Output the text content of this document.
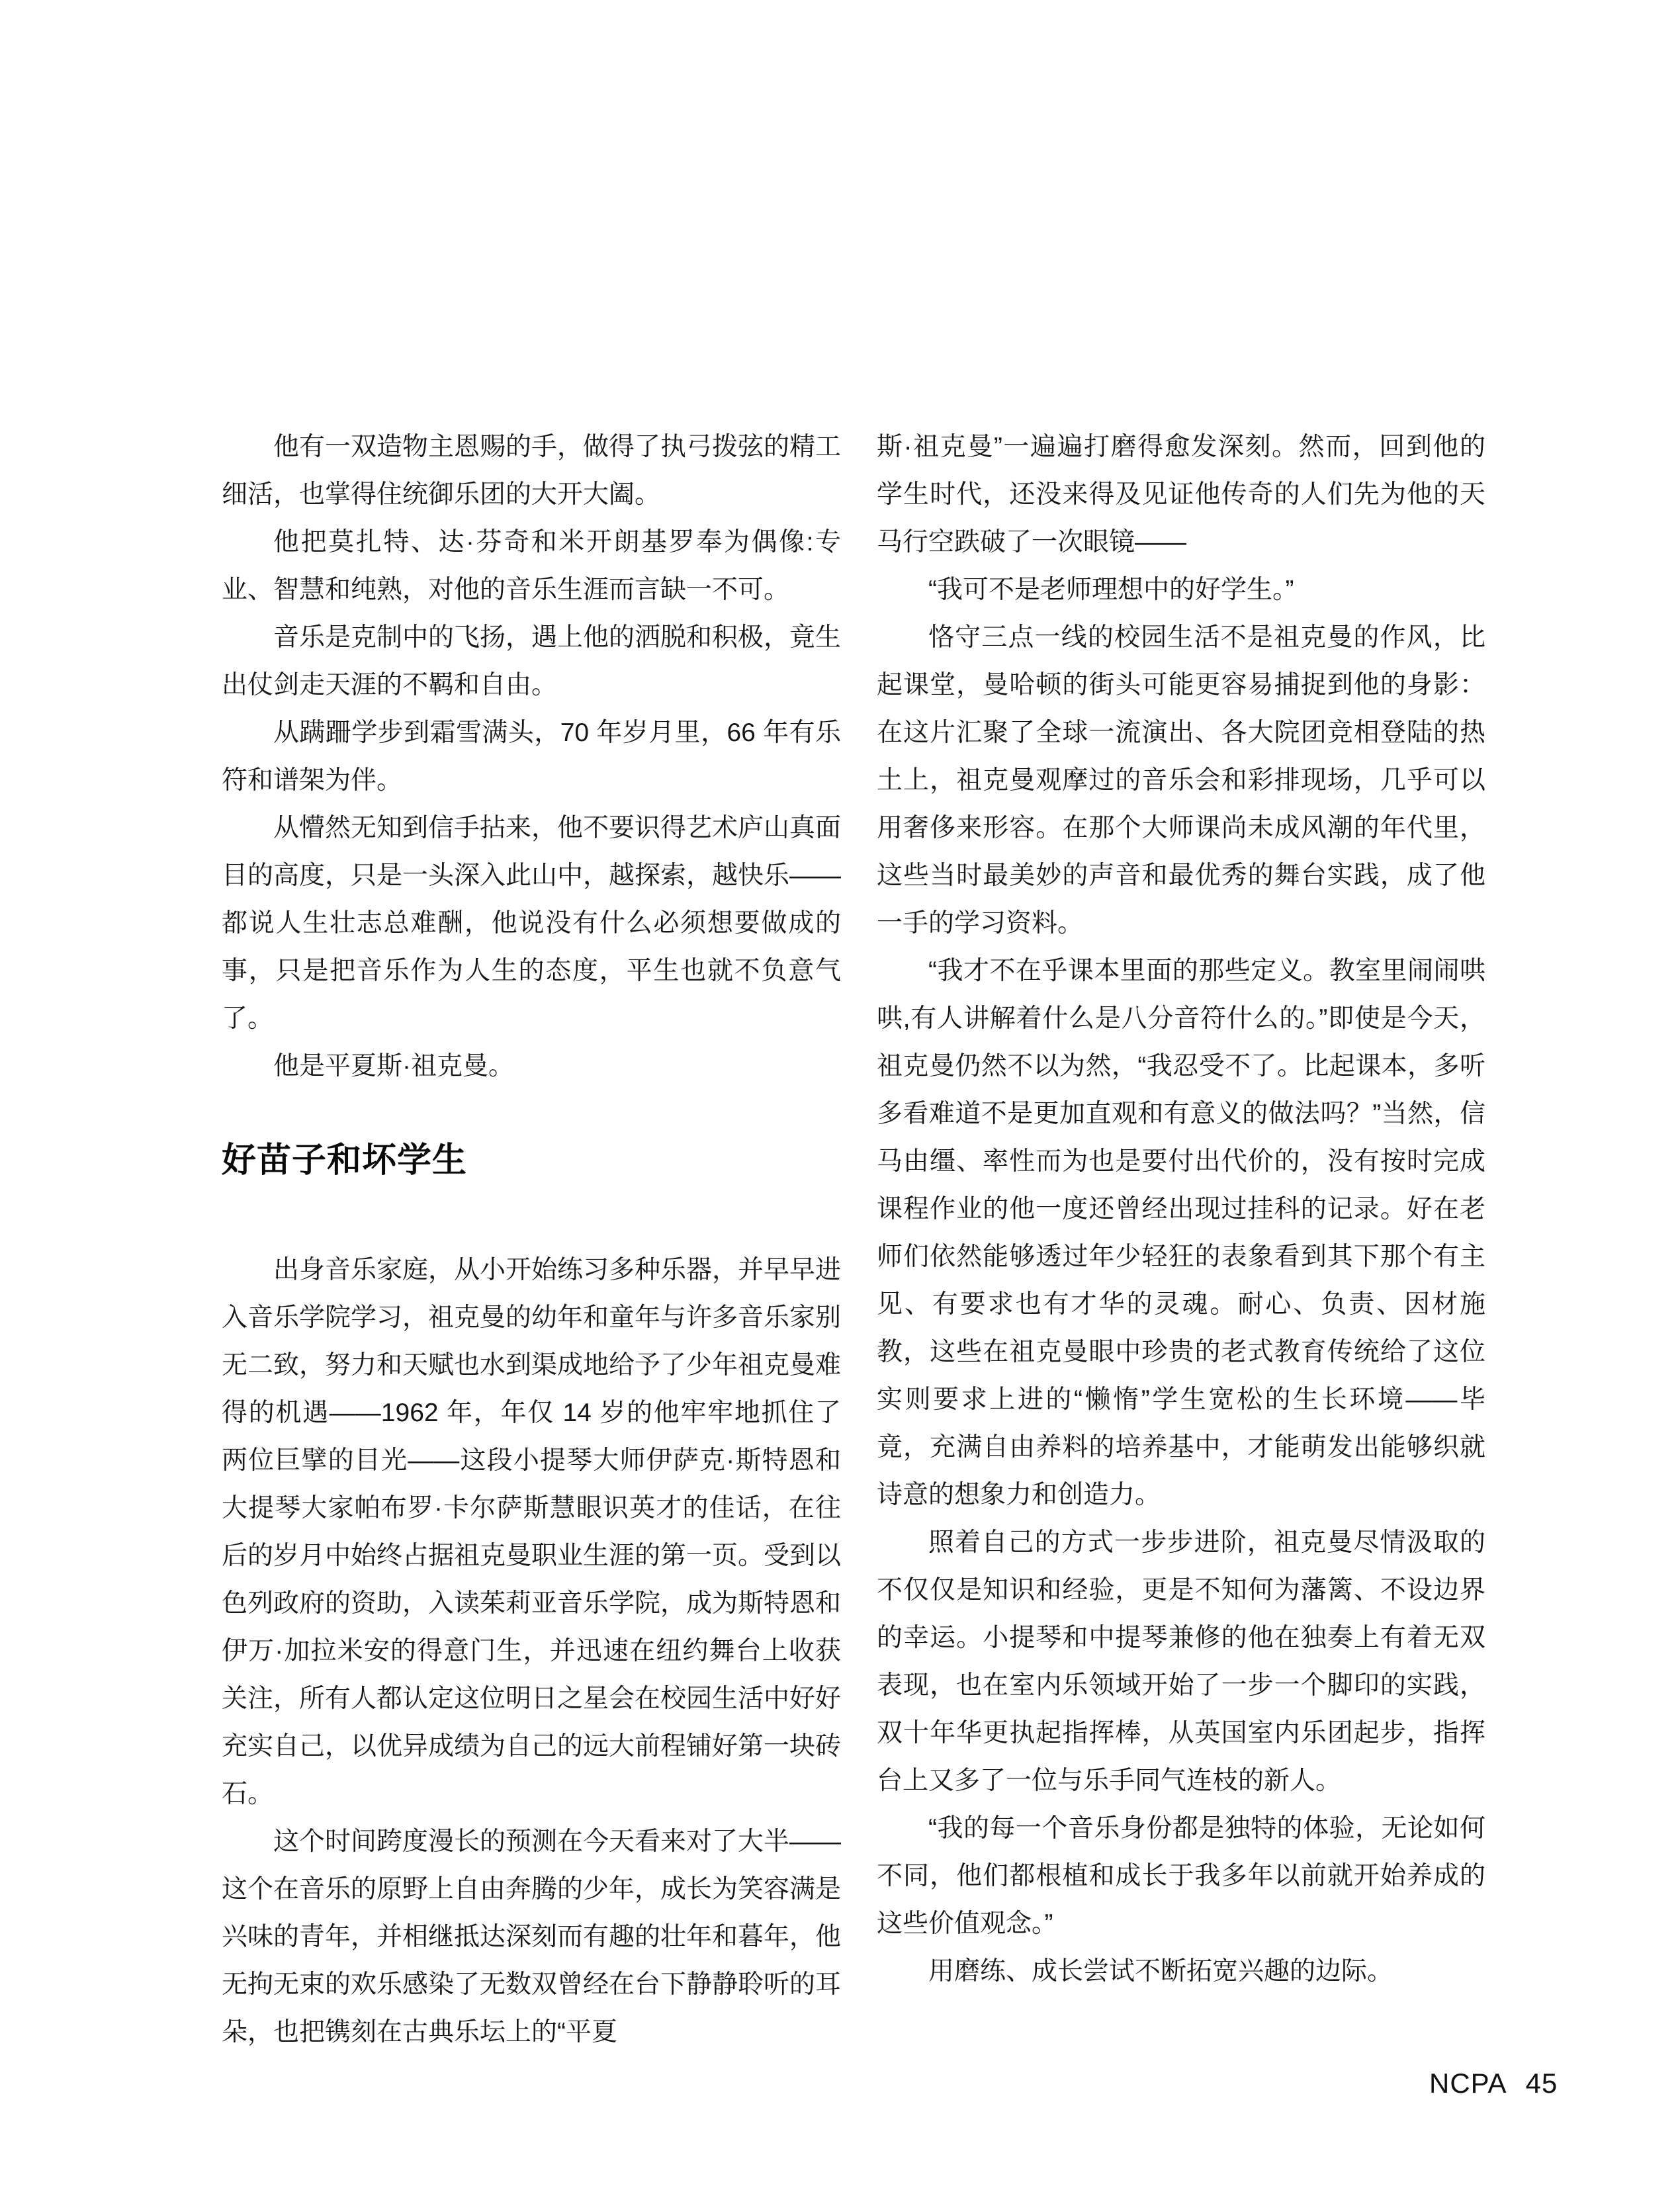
他有一双造物主恩赐的手，做得了执弓拨弦的精工细活，也掌得住统御乐团的大开大阖。

他把莫扎特、达·芬奇和米开朗基罗奉为偶像:专业、智慧和纯熟，对他的音乐生涯而言缺一不可。

音乐是克制中的飞扬，遇上他的洒脱和积极，竟生出仗剑走天涯的不羁和自由。

从蹒跚学步到霜雪满头，70 年岁月里，66 年有乐符和谱架为伴。

从懵然无知到信手拈来，他不要识得艺术庐山真面目的高度，只是一头深入此山中，越探索，越快乐——都说人生壮志总难酬，他说没有什么必须想要做成的事，只是把音乐作为人生的态度，平生也就不负意气了。

他是平夏斯·祖克曼。

好苗子和坏学生

出身音乐家庭，从小开始练习多种乐器，并早早进入音乐学院学习，祖克曼的幼年和童年与许多音乐家别无二致，努力和天赋也水到渠成地给予了少年祖克曼难得的机遇——1962 年，年仅 14 岁的他牢牢地抓住了两位巨擘的目光——这段小提琴大师伊萨克·斯特恩和大提琴大家帕布罗·卡尔萨斯慧眼识英才的佳话，在往后的岁月中始终占据祖克曼职业生涯的第一页。受到以色列政府的资助，入读茱莉亚音乐学院，成为斯特恩和伊万·加拉米安的得意门生，并迅速在纽约舞台上收获关注，所有人都认定这位明日之星会在校园生活中好好充实自己，以优异成绩为自己的远大前程铺好第一块砖石。

这个时间跨度漫长的预测在今天看来对了大半——这个在音乐的原野上自由奔腾的少年，成长为笑容满是兴味的青年，并相继抵达深刻而有趣的壮年和暮年，他无拘无束的欢乐感染了无数双曾经在台下静静聆听的耳朵，也把镌刻在古典乐坛上的“平夏

斯·祖克曼”一遍遍打磨得愈发深刻。然而，回到他的学生时代，还没来得及见证他传奇的人们先为他的天马行空跌破了一次眼镜——

“我可不是老师理想中的好学生。”

恪守三点一线的校园生活不是祖克曼的作风，比起课堂，曼哈顿的街头可能更容易捕捉到他的身影：在这片汇聚了全球一流演出、各大院团竞相登陆的热土上，祖克曼观摩过的音乐会和彩排现场，几乎可以用奢侈来形容。在那个大师课尚未成风潮的年代里，这些当时最美妙的声音和最优秀的舞台实践，成了他一手的学习资料。

“我才不在乎课本里面的那些定义。教室里闹闹哄哄,有人讲解着什么是八分音符什么的。”即使是今天，祖克曼仍然不以为然，“我忍受不了。比起课本，多听多看难道不是更加直观和有意义的做法吗？”当然，信马由缰、率性而为也是要付出代价的，没有按时完成课程作业的他一度还曾经出现过挂科的记录。好在老师们依然能够透过年少轻狂的表象看到其下那个有主见、有要求也有才华的灵魂。耐心、负责、因材施教，这些在祖克曼眼中珍贵的老式教育传统给了这位实则要求上进的“懒惰”学生宽松的生长环境——毕竟，充满自由养料的培养基中，才能萌发出能够织就诗意的想象力和创造力。

照着自己的方式一步步进阶，祖克曼尽情汲取的不仅仅是知识和经验，更是不知何为藩篱、不设边界的幸运。小提琴和中提琴兼修的他在独奏上有着无双表现，也在室内乐领域开始了一步一个脚印的实践，双十年华更执起指挥棒，从英国室内乐团起步，指挥台上又多了一位与乐手同气连枝的新人。

“我的每一个音乐身份都是独特的体验，无论如何不同，他们都根植和成长于我多年以前就开始养成的这些价值观念。”

用磨练、成长尝试不断拓宽兴趣的边际。

NCPA 45
